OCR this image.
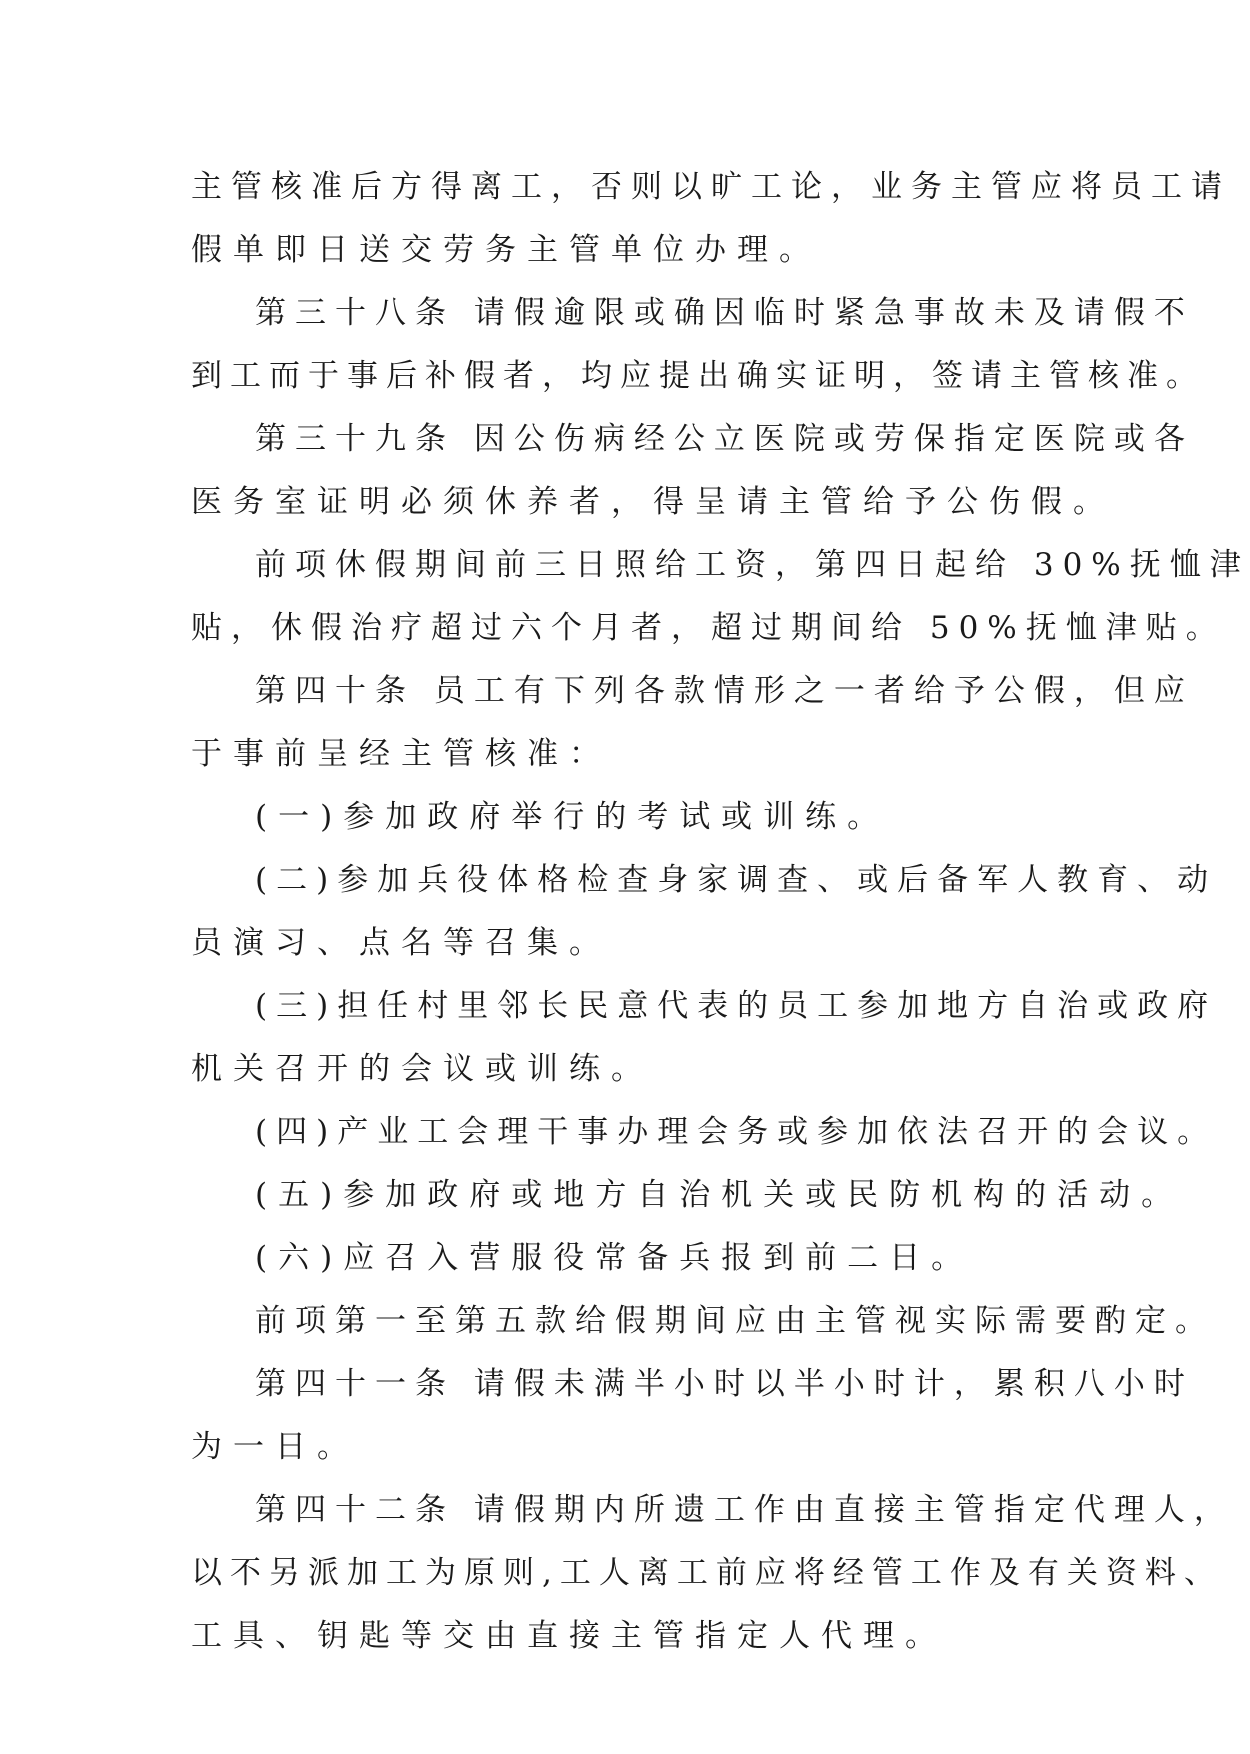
主管核准后方得离工，否则以旷工论，业务主管应将员工请
假单即日送交劳务主管单位办理。
第三十八条 请假逾限或确因临时紧急事故未及请假不
到工而于事后补假者，均应提出确实证明，签请主管核准。
第三十九条 因公伤病经公立医院或劳保指定医院或各
医务室证明必须休养者，得呈请主管给予公伤假。
前项休假期间前三日照给工资，第四日起给 30%抚恤津
贴，休假治疗超过六个月者，超过期间给 50%抚恤津贴。
第四十条 员工有下列各款情形之一者给予公假，但应
于事前呈经主管核准：
(一)参加政府举行的考试或训练。
(二)参加兵役体格检查身家调查、或后备军人教育、动
员演习、点名等召集。
(三)担任村里邻长民意代表的员工参加地方自治或政府
机关召开的会议或训练。
(四)产业工会理干事办理会务或参加依法召开的会议。
(五)参加政府或地方自治机关或民防机构的活动。
(六)应召入营服役常备兵报到前二日。
前项第一至第五款给假期间应由主管视实际需要酌定。
第四十一条 请假未满半小时以半小时计，累积八小时
为一日。
第四十二条 请假期内所遗工作由直接主管指定代理人，
以不另派加工为原则,工人离工前应将经管工作及有关资料、
工具、钥匙等交由直接主管指定人代理。
